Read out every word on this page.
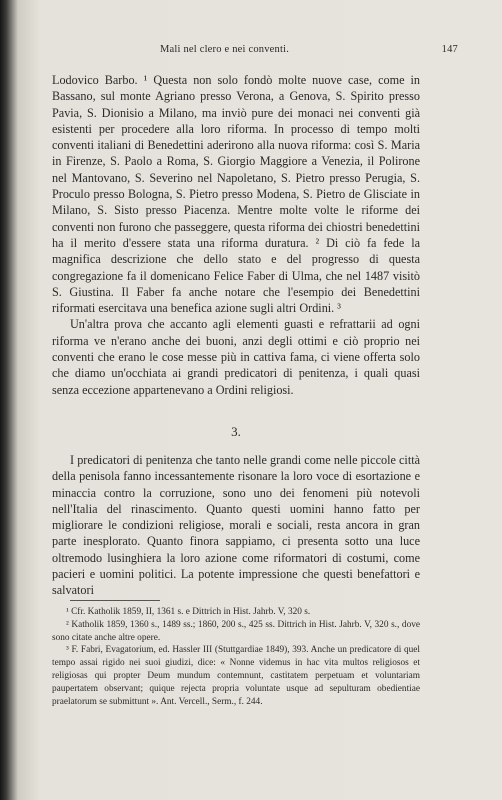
Mali nel clero e nei conventi.	147

Lodovico Barbo. ¹ Questa non solo fondò molte nuove case, come in Bassano, sul monte Agriano presso Verona, a Genova, S. Spirito presso Pavia, S. Dionisio a Milano, ma inviò pure dei monaci nei conventi già esistenti per procedere alla loro riforma. In processo di tempo molti conventi italiani di Benedettini aderirono alla nuova riforma: così S. Maria in Firenze, S. Paolo a Roma, S. Giorgio Maggiore a Venezia, il Polirone nel Mantovano, S. Severino nel Napoletano, S. Pietro presso Perugia, S. Proculo presso Bologna, S. Pietro presso Modena, S. Pietro de Glisciate in Milano, S. Sisto presso Piacenza. Mentre molte volte le riforme dei conventi non furono che passeggere, questa riforma dei chiostri benedettini ha il merito d'essere stata una riforma duratura. ² Di ciò fa fede la magnifica descrizione che dello stato e del progresso di questa congregazione fa il domenicano Felice Faber di Ulma, che nel 1487 visitò S. Giustina. Il Faber fa anche notare che l'esempio dei Benedettini riformati esercitava una benefica azione sugli altri Ordini. ³

Un'altra prova che accanto agli elementi guasti e refrattarii ad ogni riforma ve n'erano anche dei buoni, anzi degli ottimi e ciò proprio nei conventi che erano le cose messe più in cattiva fama, ci viene offerta solo che diamo un'occhiata ai grandi predicatori di penitenza, i quali quasi senza eccezione appartenevano a Ordini religiosi.

3.

I predicatori di penitenza che tanto nelle grandi come nelle piccole città della penisola fanno incessantemente risonare la loro voce di esortazione e minaccia contro la corruzione, sono uno dei fenomeni più notevoli nell'Italia del rinascimento. Quanto questi uomini hanno fatto per migliorare le condizioni religiose, morali e sociali, resta ancora in gran parte inesplorato. Quanto finora sappiamo, ci presenta sotto una luce oltremodo lusinghiera la loro azione come riformatori di costumi, come pacieri e uomini politici. La potente impressione che questi benefattori e salvatori

¹ Cfr. Katholik 1859, II, 1361 s. e Dittrich in Hist. Jahrb. V, 320 s.

² Katholik 1859, 1360 s., 1489 ss.; 1860, 200 s., 425 ss. Dittrich in Hist. Jahrb. V, 320 s., dove sono citate anche altre opere.

³ F. Fabri, Evagatorium, ed. Hassler III (Stuttgardiae 1849), 393. Anche un predicatore di quel tempo assai rigido nei suoi giudizi, dice: « Nonne videmus in hac vita multos religiosos et religiosas qui propter Deum mundum contemnunt, castitatem perpetuam et voluntariam paupertatem observant; quique rejecta propria voluntate usque ad sepulturam obedientiae praelatorum se submittunt ». Ant. Vercell., Serm., f. 244.
